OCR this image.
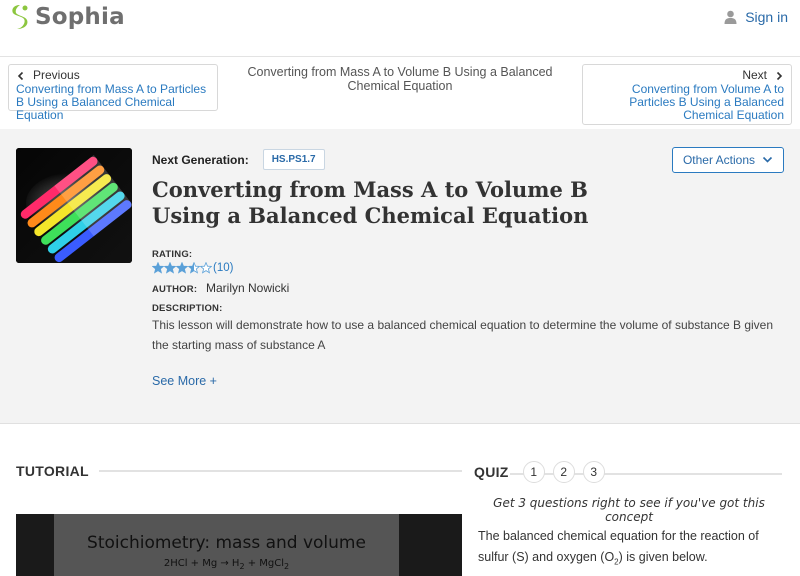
Sophia	Sign in
Previous
Converting from Mass A to Particles B Using a Balanced Chemical Equation
Converting from Mass A to Volume B Using a Balanced Chemical Equation
Next
Converting from Volume A to Particles B Using a Balanced Chemical Equation
Next Generation:	HS.PS1.7	Other Actions
Converting from Mass A to Volume B Using a Balanced Chemical Equation
RATING:
(10)
AUTHOR: Marilyn Nowicki
DESCRIPTION:

This lesson will demonstrate how to use a balanced chemical equation to determine the volume of substance B given the starting mass of substance A

See More +
TUTORIAL
Stoichiometry: mass and volume
$2HCl + Mg \to H_2$ + MgCl$_2$
QUIZ	1	2	3
Get 3 questions right to see if you've got this concept

The balanced chemical equation for the reaction of sulfur (S) and oxygen $(O_2)$ is given below.
